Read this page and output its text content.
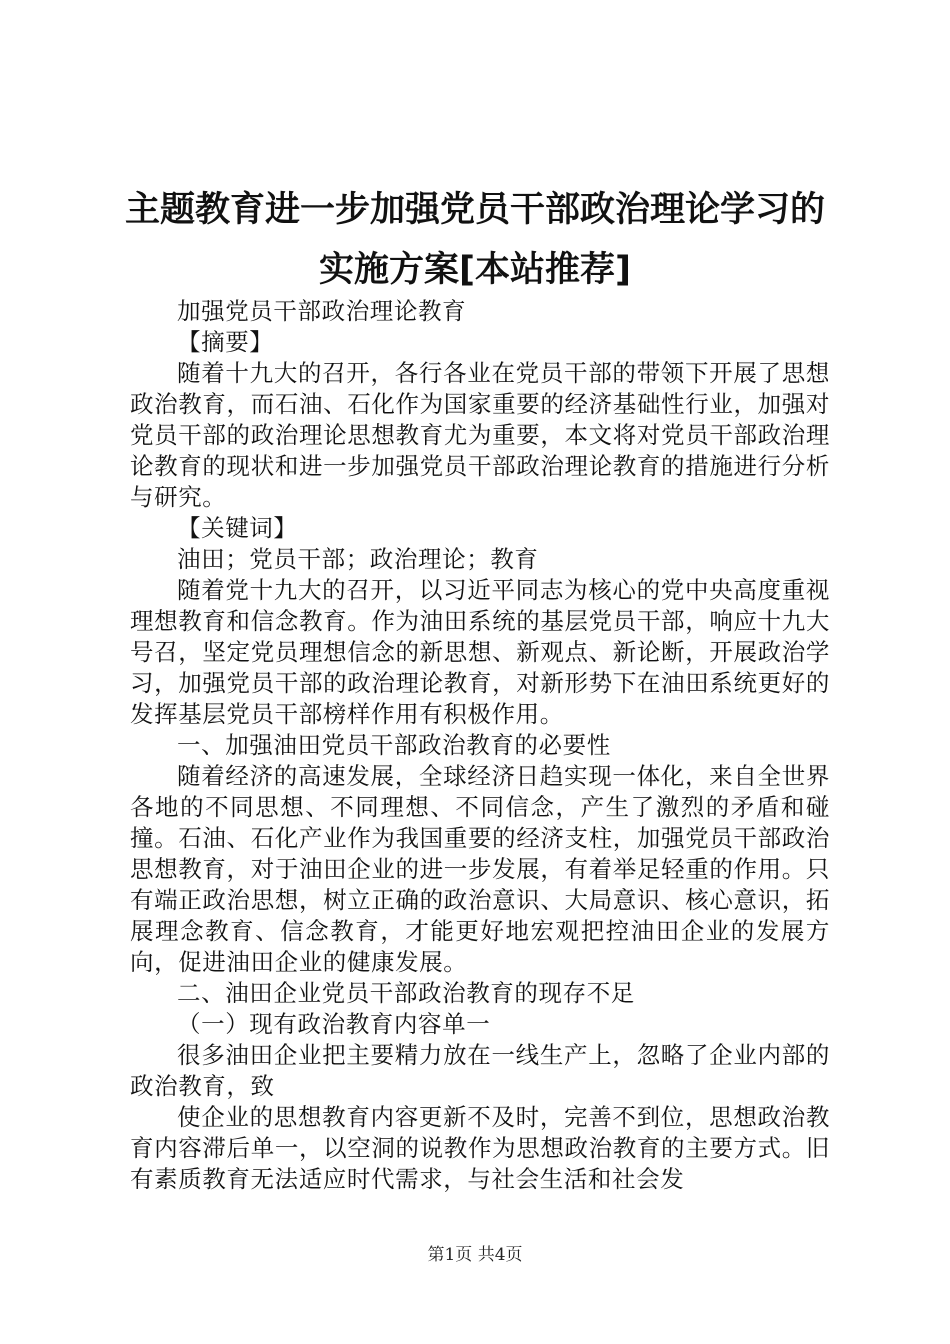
主题教育进一步加强党员干部政治理论学习的
实施方案[本站推荐]

加强党员干部政治理论教育

【摘要】

随着十九大的召开，各行各业在党员干部的带领下开展了思想政治教育，而石油、石化作为国家重要的经济基础性行业，加强对党员干部的政治理论思想教育尤为重要，本文将对党员干部政治理论教育的现状和进一步加强党员干部政治理论教育的措施进行分析与研究。

【关键词】

油田；党员干部；政治理论；教育

随着党十九大的召开，以习近平同志为核心的党中央高度重视理想教育和信念教育。作为油田系统的基层党员干部，响应十九大号召，坚定党员理想信念的新思想、新观点、新论断，开展政治学习，加强党员干部的政治理论教育，对新形势下在油田系统更好的发挥基层党员干部榜样作用有积极作用。

一、加强油田党员干部政治教育的必要性

随着经济的高速发展，全球经济日趋实现一体化，来自全世界各地的不同思想、不同理想、不同信念，产生了激烈的矛盾和碰撞。石油、石化产业作为我国重要的经济支柱，加强党员干部政治思想教育，对于油田企业的进一步发展，有着举足轻重的作用。只有端正政治思想，树立正确的政治意识、大局意识、核心意识，拓展理念教育、信念教育，才能更好地宏观把控油田企业的发展方向，促进油田企业的健康发展。

二、油田企业党员干部政治教育的现存不足

（一）现有政治教育内容单一

很多油田企业把主要精力放在一线生产上，忽略了企业内部的政治教育，致

使企业的思想教育内容更新不及时，完善不到位，思想政治教育内容滞后单一，以空洞的说教作为思想政治教育的主要方式。旧有素质教育无法适应时代需求，与社会生活和社会发

第1页 共4页
